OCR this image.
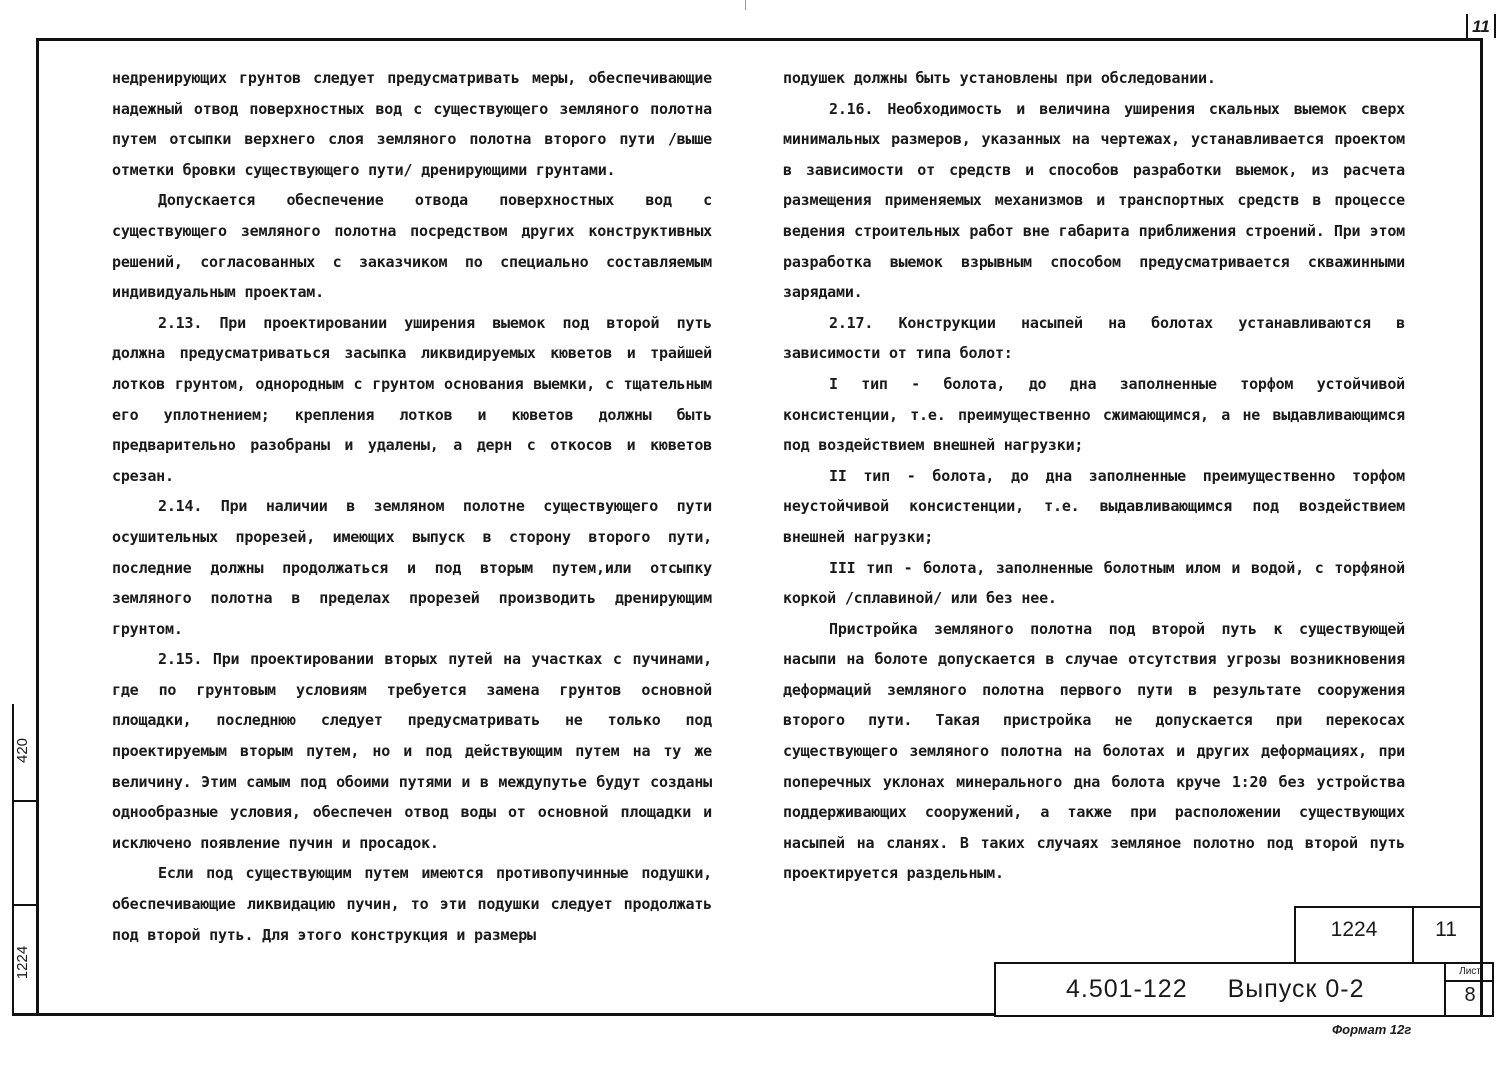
11

недренирующих грунтов следует предусматривать меры, обеспечивающие надежный отвод поверхностных вод с существующего земляного полотна путем отсыпки верхнего слоя земляного полотна второго пути /выше отметки бровки существующего пути/ дренирующими грунтами.

Допускается обеспечение отвода поверхностных вод с существующего земляного полотна посредством других конструктивных решений, согласованных с заказчиком по специально составляемым индивидуальным проектам.

2.13. При проектировании уширения выемок под второй путь должна предусматриваться засыпка ликвидируемых кюветов и трайшей лотков грунтом, однородным с грунтом основания выемки, с тщательным его уплотнением; крепления лотков и кюветов должны быть предварительно разобраны и удалены, а дерн с откосов и кюветов срезан.

2.14. При наличии в земляном полотне существующего пути осушительных прорезей, имеющих выпуск в сторону второго пути, последние должны продолжаться и под вторым путем,или отсыпку земляного полотна в пределах прорезей производить дренирующим грунтом.

2.15. При проектировании вторых путей на участках с пучинами, где по грунтовым условиям требуется замена грунтов основной площадки, последнюю следует предусматривать не только под проектируемым вторым путем, но и под действующим путем на ту же величину. Этим самым под обоими путями и в междупутье будут созданы однообразные условия, обеспечен отвод воды от основной площадки и исключено появление пучин и просадок.

Если под существующим путем имеются противопучинные подушки, обеспечивающие ликвидацию пучин, то эти подушки следует продолжать под второй путь. Для этого конструкция и размеры

подушек должны быть установлены при обследовании.

2.16. Необходимость и величина уширения скальных выемок сверх минимальных размеров, указанных на чертежах, устанавливается проектом в зависимости от средств и способов разработки выемок, из расчета размещения применяемых механизмов и транспортных средств в процессе ведения строительных работ вне габарита приближения строений. При этом разработка выемок взрывным способом предусматривается скважинными зарядами.

2.17. Конструкции насыпей на болотах устанавливаются в зависимости от типа болот:

I тип - болота, до дна заполненные торфом устойчивой консистенции, т.е. преимущественно сжимающимся, а не выдавливающимся под воздействием внешней нагрузки;

II тип - болота, до дна заполненные преимущественно торфом неустойчивой консистенции, т.е. выдавливающимся под воздействием внешней нагрузки;

III тип - болота, заполненные болотным илом и водой, с торфяной коркой /сплавиной/ или без нее.

Пристройка земляного полотна под второй путь к существующей насыпи на болоте допускается в случае отсутствия угрозы возникновения деформаций земляного полотна первого пути в результате сооружения второго пути. Такая пристройка не допускается при перекосах существующего земляного полотна на болотах и других деформациях, при поперечных уклонах минерального дна болота круче 1:20 без устройства поддерживающих сооружений, а также при расположении существующих насыпей на сланях. В таких случаях земляное полотно под второй путь проектируется раздельным.

420
1224
1224	11
4.501-122 Выпуск 0-2
Лист
8
Формат 12г
